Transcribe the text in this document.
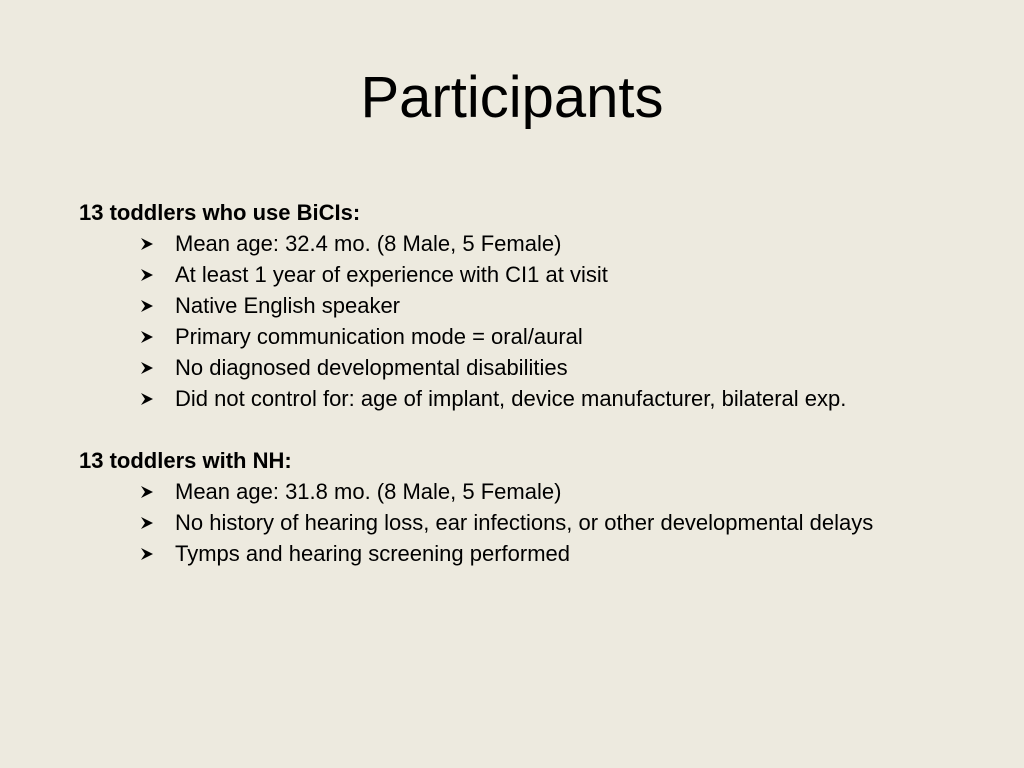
Participants
13 toddlers who use BiCIs:
Mean age: 32.4 mo. (8 Male, 5 Female)
At least 1 year of experience with CI1 at visit
Native English speaker
Primary communication mode = oral/aural
No diagnosed developmental disabilities
Did not control for: age of implant, device manufacturer, bilateral exp.
13 toddlers with NH:
Mean age: 31.8 mo. (8 Male, 5 Female)
No history of hearing loss, ear infections, or other developmental delays
Tymps and hearing screening performed
